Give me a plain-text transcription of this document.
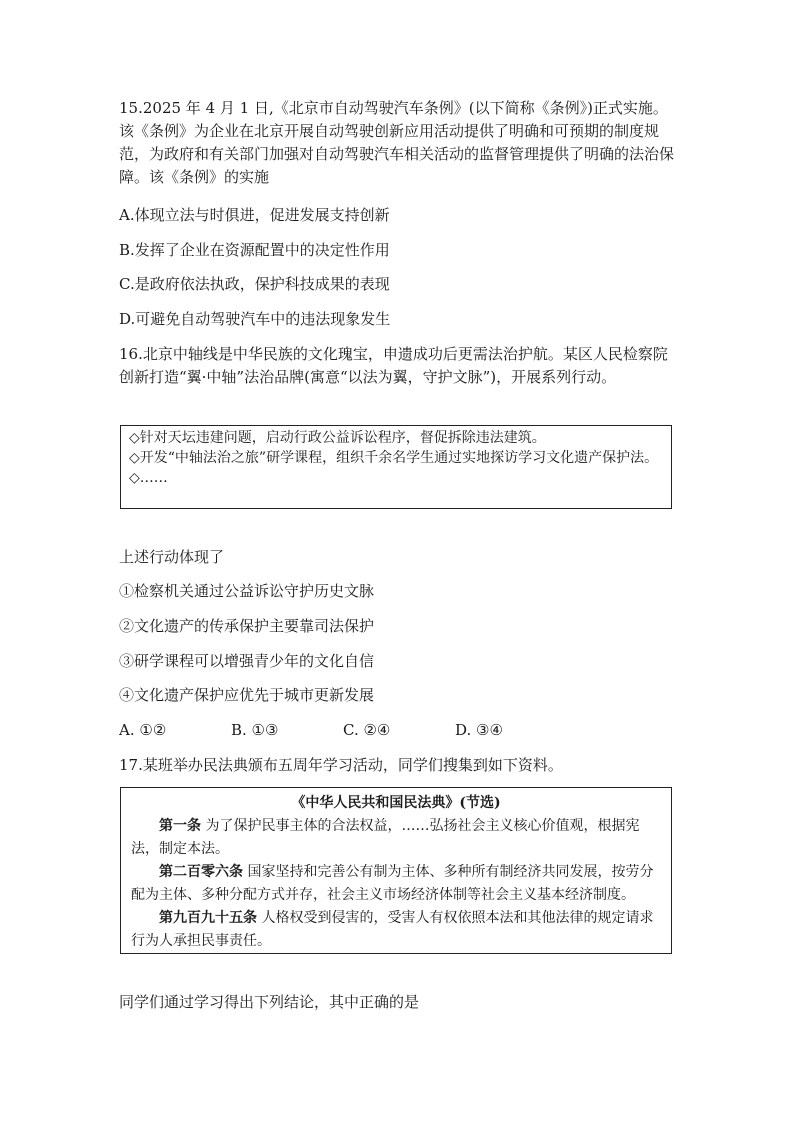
15.2025 年 4 月 1 日,《北京市自动驾驶汽车条例》(以下简称《条例》)正式实施。该《条例》为企业在北京开展自动驾驶创新应用活动提供了明确和可预期的制度规范，为政府和有关部门加强对自动驾驶汽车相关活动的监督管理提供了明确的法治保障。该《条例》的实施
A.体现立法与时俱进，促进发展支持创新
B.发挥了企业在资源配置中的决定性作用
C.是政府依法执政，保护科技成果的表现
D.可避免自动驾驶汽车中的违法现象发生
16.北京中轴线是中华民族的文化瑰宝，申遗成功后更需法治护航。某区人民检察院创新打造“翼·中轴”法治品牌(寓意“以法为翼，守护文脉”)，开展系列行动。
◇针对天坛违建问题，启动行政公益诉讼程序，督促拆除违法建筑。
◇开发“中轴法治之旅”研学课程，组织千余名学生通过实地探访学习文化遗产保护法。
◇……
上述行动体现了
①检察机关通过公益诉讼守护历史文脉
②文化遗产的传承保护主要靠司法保护
③研学课程可以增强青少年的文化自信
④文化遗产保护应优先于城市更新发展
A. ①②	B. ①③	C. ②④	D. ③④
17.某班举办民法典颁布五周年学习活动，同学们搜集到如下资料。
《中华人民共和国民法典》(节选)

第一条 为了保护民事主体的合法权益，……弘扬社会主义核心价值观，根据宪法，制定本法。

第二百零六条 国家坚持和完善公有制为主体、多种所有制经济共同发展，按劳分配为主体、多种分配方式并存，社会主义市场经济体制等社会主义基本经济制度。

第九百九十五条 人格权受到侵害的，受害人有权依照本法和其他法律的规定请求行为人承担民事责任。

同学们通过学习得出下列结论，其中正确的是
